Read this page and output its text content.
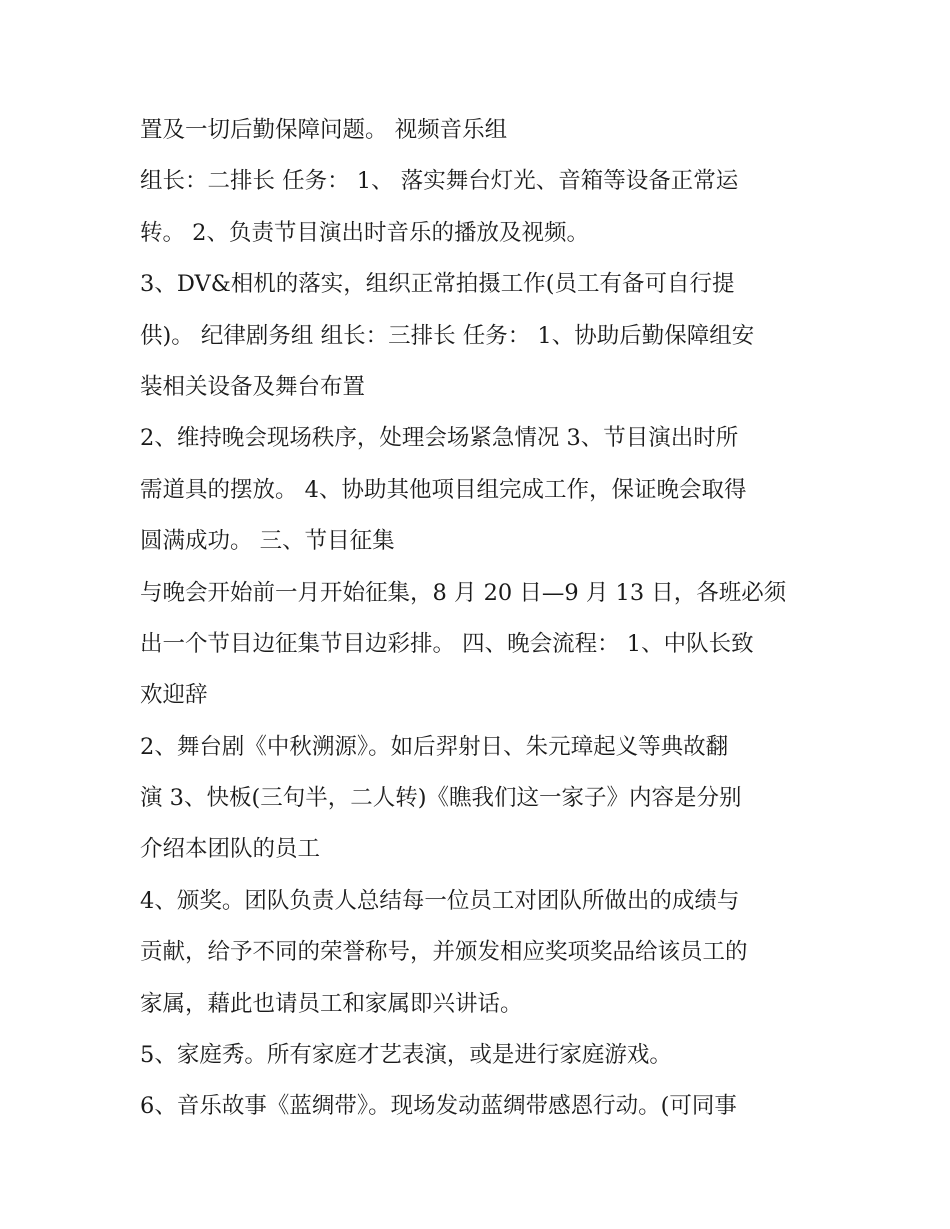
置及一切后勤保障问题。 视频音乐组
组长：二排长 任务： 1、 落实舞台灯光、音箱等设备正常运
转。 2、负责节目演出时音乐的播放及视频。
3、DV&相机的落实，组织正常拍摄工作(员工有备可自行提
供)。 纪律剧务组 组长：三排长 任务： 1、协助后勤保障组安
装相关设备及舞台布置
2、维持晚会现场秩序，处理会场紧急情况 3、节目演出时所
需道具的摆放。 4、协助其他项目组完成工作，保证晚会取得
圆满成功。 三、节目征集
与晚会开始前一月开始征集，8 月 20 日—9 月 13 日，各班必须
出一个节目边征集节目边彩排。 四、晚会流程： 1、中队长致
欢迎辞
2、舞台剧《中秋溯源》。如后羿射日、朱元璋起义等典故翻
演 3、快板(三句半，二人转)《瞧我们这一家子》内容是分别
介绍本团队的员工
4、颁奖。团队负责人总结每一位员工对团队所做出的成绩与
贡献，给予不同的荣誉称号，并颁发相应奖项奖品给该员工的
家属，藉此也请员工和家属即兴讲话。
5、家庭秀。所有家庭才艺表演，或是进行家庭游戏。
6、音乐故事《蓝绸带》。现场发动蓝绸带感恩行动。(可同事
